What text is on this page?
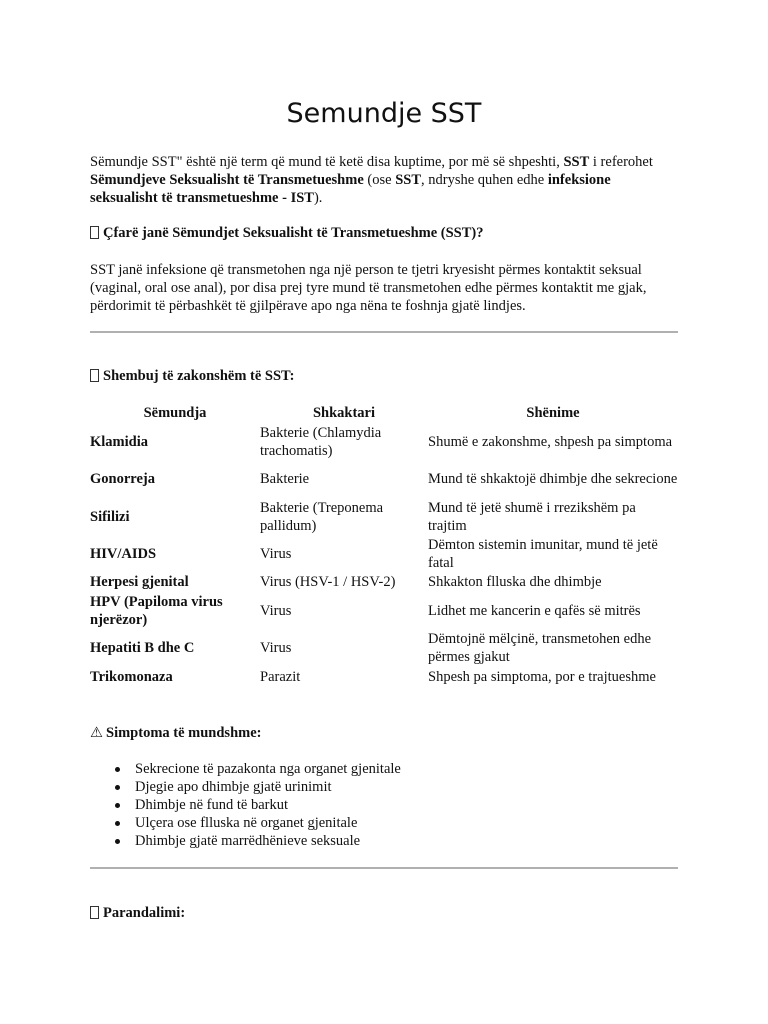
Semundje SST
Sëmundje SST" është një term që mund të ketë disa kuptime, por më së shpeshti, SST i referohet Sëmundjeve Seksualisht të Transmetueshme (ose SST, ndryshe quhen edhe infeksione seksualisht të transmetueshme - IST).
Çfarë janë Sëmundjet Seksualisht të Transmetueshme (SST)?
SST janë infeksione që transmetohen nga një person te tjetri kryesisht përmes kontaktit seksual (vaginal, oral ose anal), por disa prej tyre mund të transmetohen edhe përmes kontaktit me gjak, përdorimit të përbashkët të gjilpërave apo nga nëna te foshnja gjatë lindjes.
Shembuj të zakonshëm të SST:
Sëmundja	Shkaktari	Shënime
Klamidia	Bakterie (Chlamydia trachomatis)	Shumë e zakonshme, shpesh pa simptoma
Gonorreja	Bakterie	Mund të shkaktojë dhimbje dhe sekrecione
Sifilizi	Bakterie (Treponema pallidum)	Mund të jetë shumë i rrezikshëm pa trajtim
HIV/AIDS	Virus	Dëmton sistemin imunitar, mund të jetë fatal
Herpesi gjenital	Virus (HSV-1 / HSV-2)	Shkakton flluska dhe dhimbje
HPV (Papiloma virus njerëzor)	Virus	Lidhet me kancerin e qafës së mitrës
Hepatiti B dhe C	Virus	Dëmtojnë mëlçinë, transmetohen edhe përmes gjakut
Trikomonaza	Parazit	Shpesh pa simptoma, por e trajtueshme
⚠ Simptoma të mundshme:
Sekrecione të pazakonta nga organet gjenitale
Djegie apo dhimbje gjatë urinimit
Dhimbje në fund të barkut
Ulçera ose flluska në organet gjenitale
Dhimbje gjatë marrëdhënieve seksuale
Parandalimi:
